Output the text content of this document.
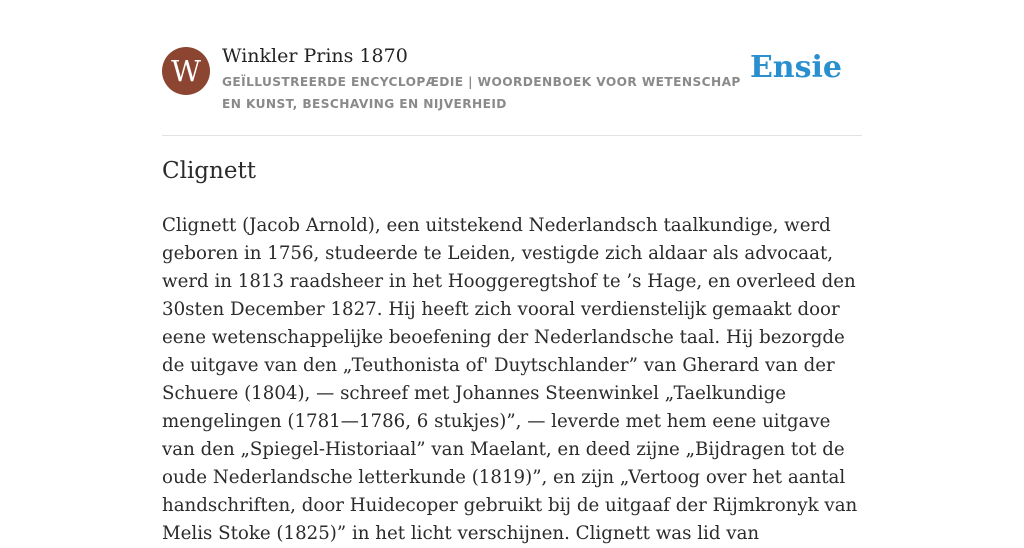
W	Winkler Prins 1870
GEÏLLUSTREERDE ENCYCLOPÆDIE | WOORDENBOEK VOOR WETENSCHAP EN KUNST, BESCHAVING EN NIJVERHEID
Ensie
Clignett

Clignett (Jacob Arnold), een uitstekend Nederlandsch taalkundige, werd geboren in 1756, studeerde te Leiden, vestigde zich aldaar als advocaat, werd in 1813 raadsheer in het Hooggeregtshof te ’s Hage, en overleed den 30sten December 1827. Hij heeft zich vooral verdienstelijk gemaakt door eene wetenschappelijke beoefening der Nederlandsche taal. Hij bezorgde de uitgave van den „Teuthonista of' Duytschlander” van Gherard van der Schuere (1804), — schreef met Johannes Steenwinkel „Taelkundige mengelingen (1781—1786, 6 stukjes)”, — leverde met hem eene uitgave van den „Spiegel-Historiaal” van Maelant, en deed zijne „Bijdragen tot de oude Nederlandsche letterkunde (1819)”, en zijn „Vertoog over het aantal handschriften, door Huidecoper gebruikt bij de uitgaaf der Rijmkronyk van Melis Stoke (1825)” in het licht verschijnen. Clignett was lid van
